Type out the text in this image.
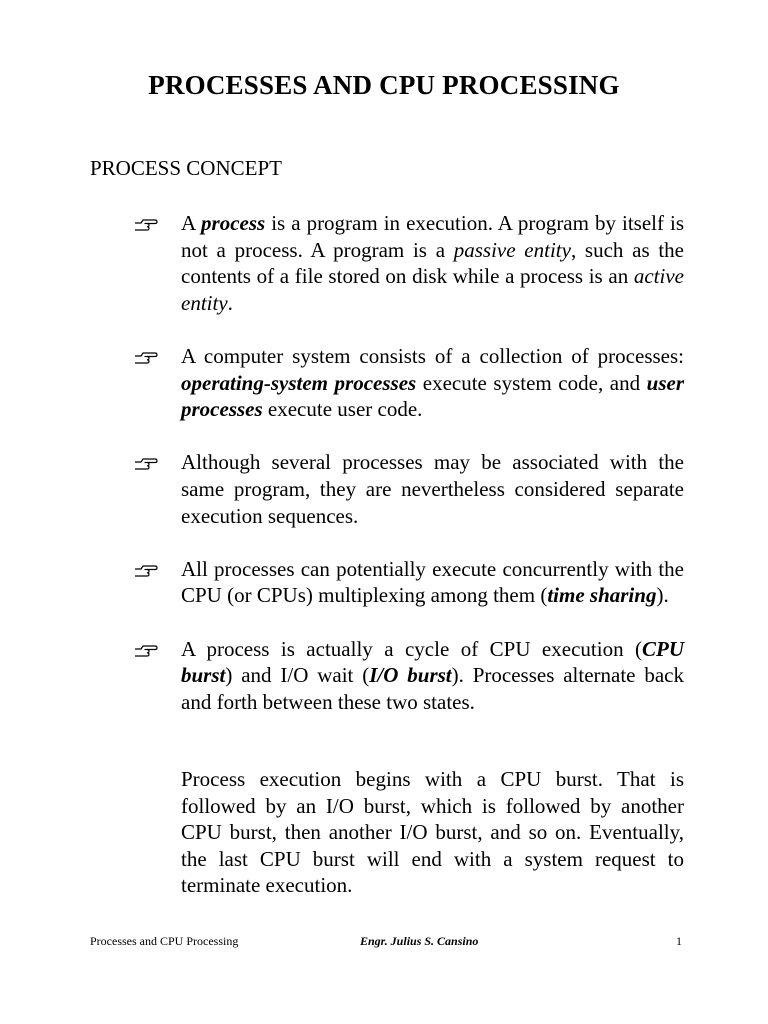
PROCESSES AND CPU PROCESSING
PROCESS CONCEPT
A process is a program in execution. A program by itself is not a process. A program is a passive entity, such as the contents of a file stored on disk while a process is an active entity.
A computer system consists of a collection of processes: operating-system processes execute system code, and user processes execute user code.
Although several processes may be associated with the same program, they are nevertheless considered separate execution sequences.
All processes can potentially execute concurrently with the CPU (or CPUs) multiplexing among them (time sharing).
A process is actually a cycle of CPU execution (CPU burst) and I/O wait (I/O burst). Processes alternate back and forth between these two states.

Process execution begins with a CPU burst. That is followed by an I/O burst, which is followed by another CPU burst, then another I/O burst, and so on. Eventually, the last CPU burst will end with a system request to terminate execution.

Processes and CPU Processing	Engr. Julius S. Cansino	1
